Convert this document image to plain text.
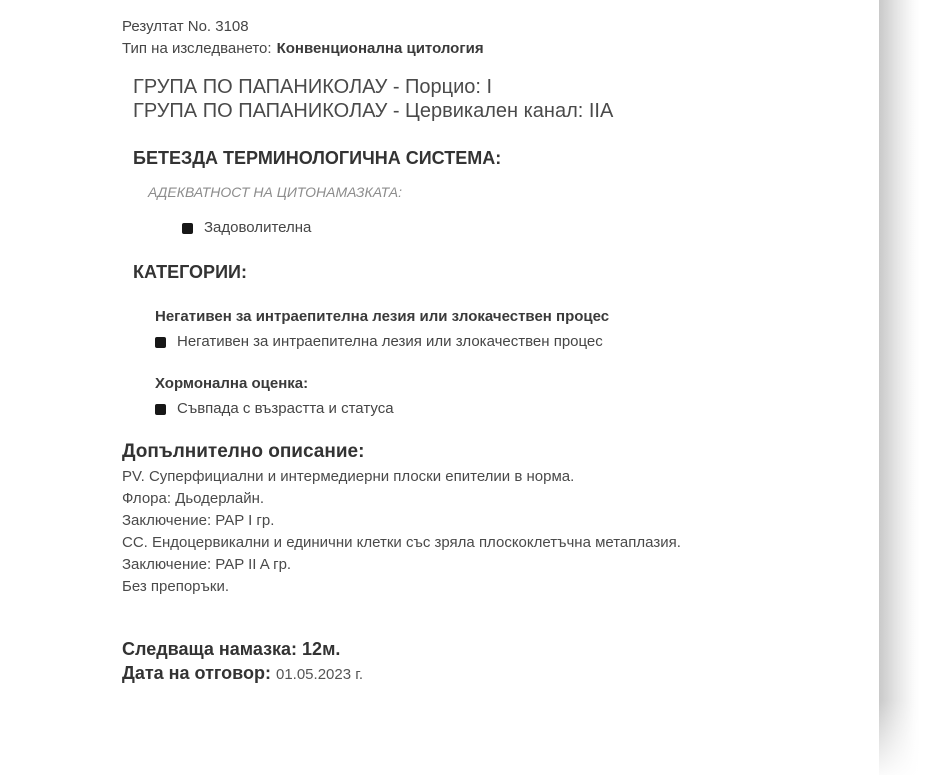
Резултат No. 3108
Тип на изследването: Конвенционална цитология
ГРУПА ПО ПАПАНИКОЛАУ - Порцио: I
ГРУПА ПО ПАПАНИКОЛАУ - Цервикален канал: IIA
БЕТЕЗДА ТЕРМИНОЛОГИЧНА СИСТЕМА:
АДЕКВАТНОСТ НА ЦИТОНАМАЗКАТА:
Задоволителна
КАТЕГОРИИ:
Негативен за интраепителна лезия или злокачествен процес
Негативен за интраепителна лезия или злокачествен процес
Хормонална оценка:
Съвпада с възрастта и статуса
Допълнително описание:
PV. Суперфициални и интермедиерни плоски епителии в норма.
Флора: Дьодерлайн.
Заключение: PAP I гр.
СС. Ендоцервикални и единични клетки със зряла плоскоклетъчна метаплазия.
Заключение: PAP II A гр.
Без препоръки.
Следваща намазка: 12м.
Дата на отговор: 01.05.2023 г.
